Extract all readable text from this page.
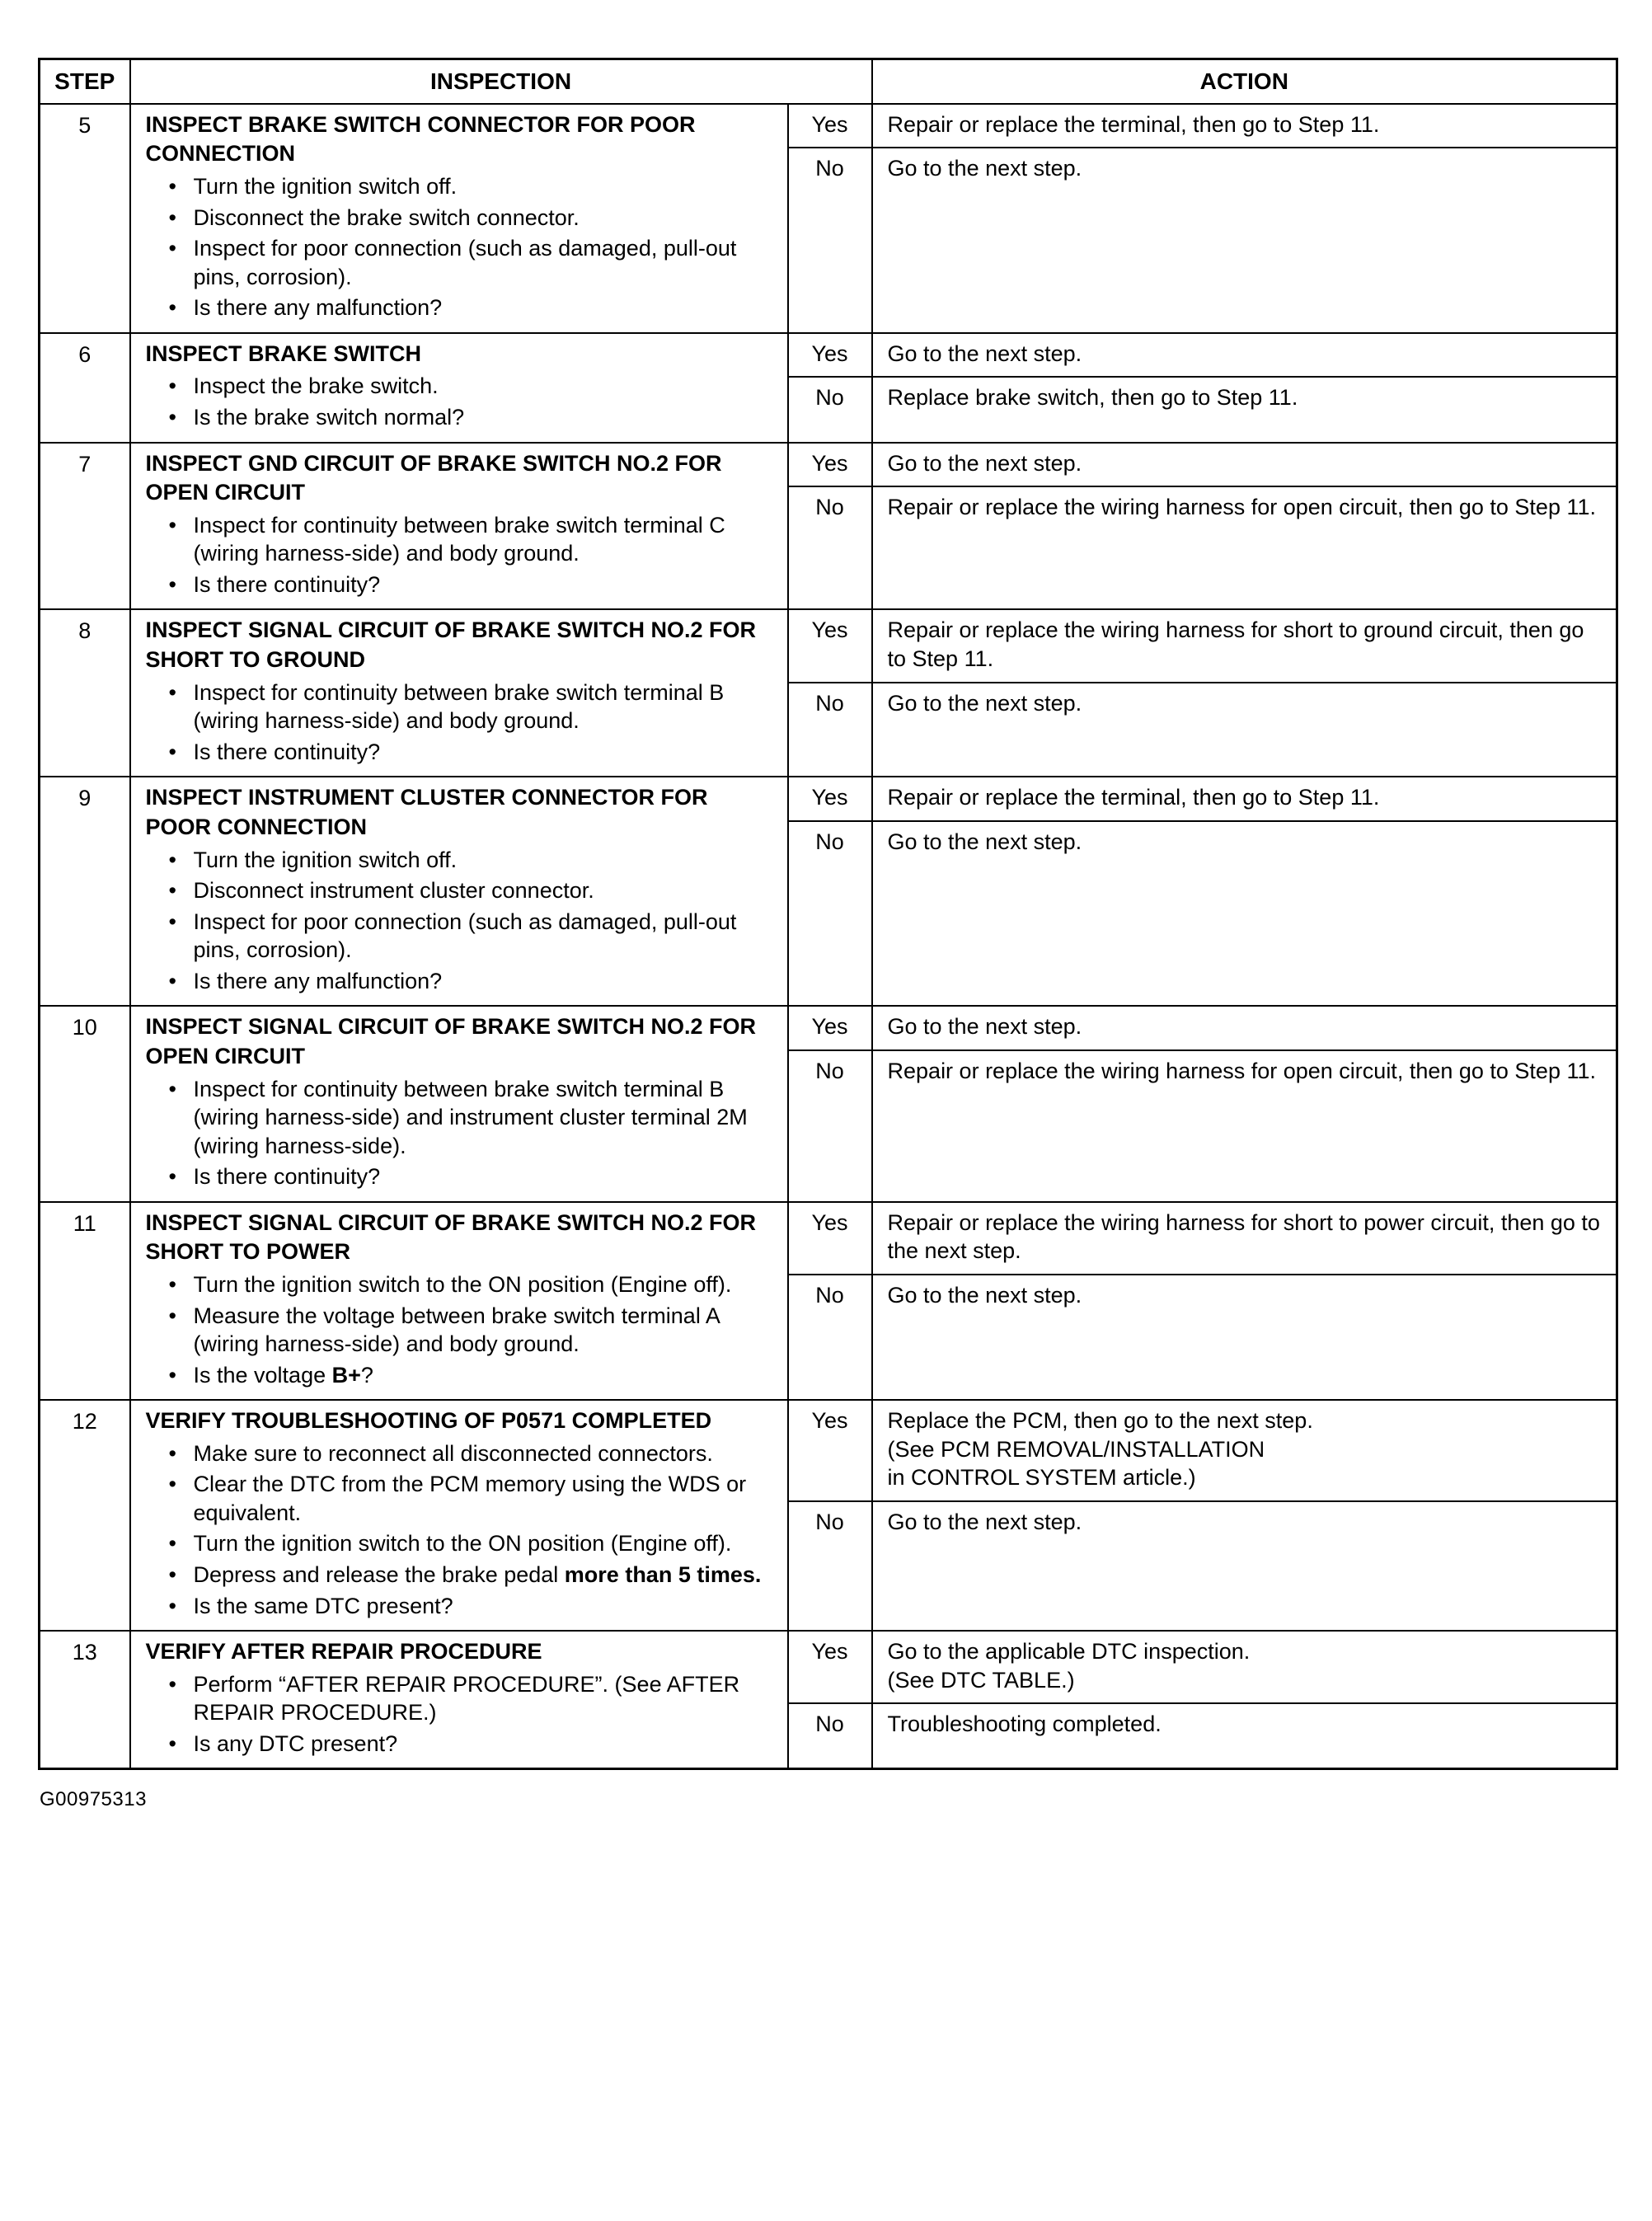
STEP	INSPECTION		ACTION

5	INSPECT BRAKE SWITCH CONNECTOR FOR POOR CONNECTION
• Turn the ignition switch off.
• Disconnect the brake switch connector.
• Inspect for poor connection (such as damaged, pull-out pins, corrosion).
• Is there any malfunction?
	Yes	Repair or replace the terminal, then go to Step 11.

		No	Go to the next step.

6	INSPECT BRAKE SWITCH
• Inspect the brake switch.
• Is the brake switch normal?
	Yes	Go to the next step.

		No	Replace brake switch, then go to Step 11.

7	INSPECT GND CIRCUIT OF BRAKE SWITCH NO.2 FOR OPEN CIRCUIT
• Inspect for continuity between brake switch terminal C (wiring harness-side) and body ground.
• Is there continuity?
	Yes	Go to the next step.

		No	Repair or replace the wiring harness for open circuit, then go to Step 11.

8	INSPECT SIGNAL CIRCUIT OF BRAKE SWITCH NO.2 FOR SHORT TO GROUND
• Inspect for continuity between brake switch terminal B (wiring harness-side) and body ground.
• Is there continuity?
	Yes	Repair or replace the wiring harness for short to ground circuit, then go to Step 11.

		No	Go to the next step.

9	INSPECT INSTRUMENT CLUSTER CONNECTOR FOR POOR CONNECTION
• Turn the ignition switch off.
• Disconnect instrument cluster connector.
• Inspect for poor connection (such as damaged, pull-out pins, corrosion).
• Is there any malfunction?
	Yes	Repair or replace the terminal, then go to Step 11.

		No	Go to the next step.

10	INSPECT SIGNAL CIRCUIT OF BRAKE SWITCH NO.2 FOR OPEN CIRCUIT
• Inspect for continuity between brake switch terminal B (wiring harness-side) and instrument cluster terminal 2M (wiring harness-side).
• Is there continuity?
	Yes	Go to the next step.

		No	Repair or replace the wiring harness for open circuit, then go to Step 11.

11	INSPECT SIGNAL CIRCUIT OF BRAKE SWITCH NO.2 FOR SHORT TO POWER
• Turn the ignition switch to the ON position (Engine off).
• Measure the voltage between brake switch terminal A (wiring harness-side) and body ground.
• Is the voltage B+?
	Yes	Repair or replace the wiring harness for short to power circuit, then go to the next step.

		No	Go to the next step.

12	VERIFY TROUBLESHOOTING OF P0571 COMPLETED
• Make sure to reconnect all disconnected connectors.
• Clear the DTC from the PCM memory using the WDS or equivalent.
• Turn the ignition switch to the ON position (Engine off).
• Depress and release the brake pedal more than 5 times.
• Is the same DTC present?
	Yes	Replace the PCM, then go to the next step.
(See PCM REMOVAL/INSTALLATION
in CONTROL SYSTEM article.)

		No	Go to the next step.

13	VERIFY AFTER REPAIR PROCEDURE
• Perform “AFTER REPAIR PROCEDURE”. (See AFTER REPAIR PROCEDURE.)
• Is any DTC present?
	Yes	Go to the applicable DTC inspection.
(See DTC TABLE.)

		No	Troubleshooting completed.
G00975313
